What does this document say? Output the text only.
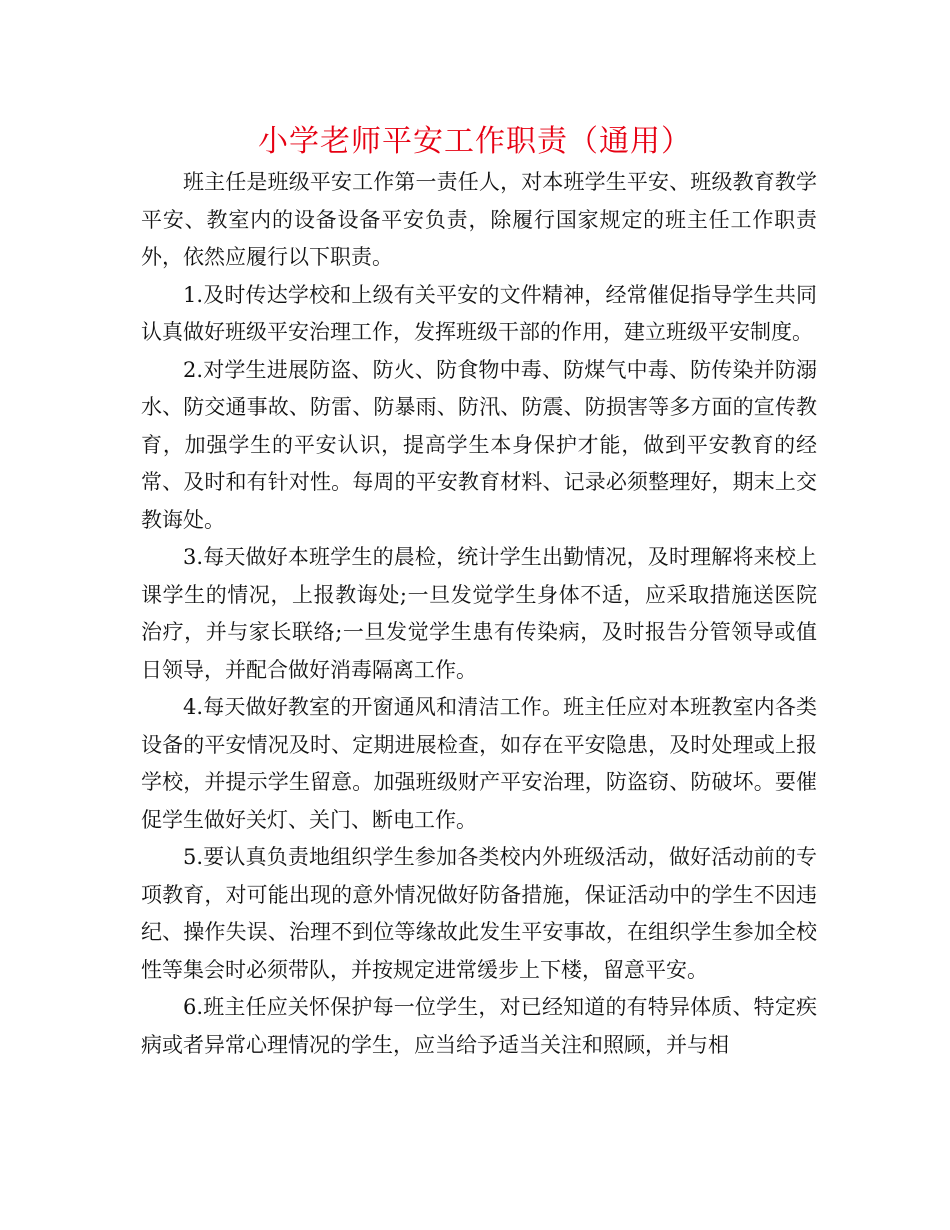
小学老师平安工作职责（通用）

班主任是班级平安工作第一责任人，对本班学生平安、班级教育教学平安、教室内的设备设备平安负责，除履行国家规定的班主任工作职责外，依然应履行以下职责。

1.及时传达学校和上级有关平安的文件精神，经常催促指导学生共同认真做好班级平安治理工作，发挥班级干部的作用，建立班级平安制度。

2.对学生进展防盗、防火、防食物中毒、防煤气中毒、防传染并防溺水、防交通事故、防雷、防暴雨、防汛、防震、防损害等多方面的宣传教育，加强学生的平安认识，提高学生本身保护才能，做到平安教育的经常、及时和有针对性。每周的平安教育材料、记录必须整理好，期末上交教诲处。

3.每天做好本班学生的晨检，统计学生出勤情况，及时理解将来校上课学生的情况，上报教诲处;一旦发觉学生身体不适，应采取措施送医院治疗，并与家长联络;一旦发觉学生患有传染病，及时报告分管领导或值日领导，并配合做好消毒隔离工作。

4.每天做好教室的开窗通风和清洁工作。班主任应对本班教室内各类设备的平安情况及时、定期进展检查，如存在平安隐患，及时处理或上报学校，并提示学生留意。加强班级财产平安治理，防盗窃、防破坏。要催促学生做好关灯、关门、断电工作。

5.要认真负责地组织学生参加各类校内外班级活动，做好活动前的专项教育，对可能出现的意外情况做好防备措施，保证活动中的学生不因违纪、操作失误、治理不到位等缘故此发生平安事故，在组织学生参加全校性等集会时必须带队，并按规定进常缓步上下楼，留意平安。

6.班主任应关怀保护每一位学生，对已经知道的有特异体质、特定疾病或者异常心理情况的学生，应当给予适当关注和照顾，并与相
